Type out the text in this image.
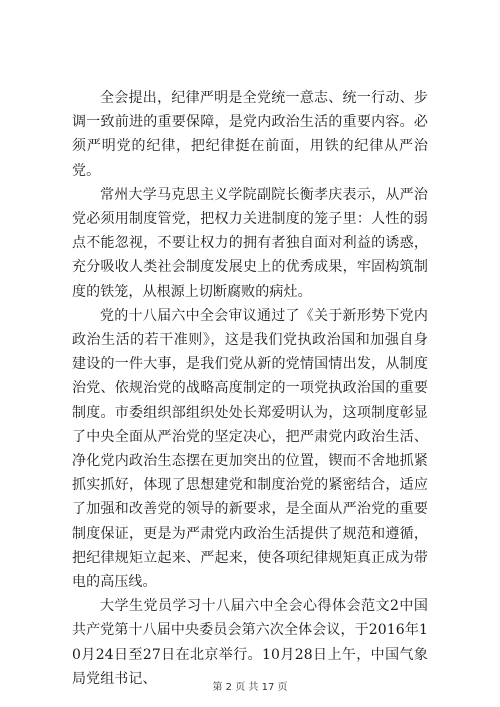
全会提出，纪律严明是全党统一意志、统一行动、步调一致前进的重要保障，是党内政治生活的重要内容。必须严明党的纪律，把纪律挺在前面，用铁的纪律从严治党。

常州大学马克思主义学院副院长衡孝庆表示，从严治党必须用制度管党，把权力关进制度的笼子里：人性的弱点不能忽视，不要让权力的拥有者独自面对利益的诱惑，充分吸收人类社会制度发展史上的优秀成果，牢固构筑制度的铁笼，从根源上切断腐败的病灶。

党的十八届六中全会审议通过了《关于新形势下党内政治生活的若干准则》，这是我们党执政治国和加强自身建设的一件大事，是我们党从新的党情国情出发，从制度治党、依规治党的战略高度制定的一项党执政治国的重要制度。市委组织部组织处处长郑爱明认为，这项制度彰显了中央全面从严治党的坚定决心，把严肃党内政治生活、净化党内政治生态摆在更加突出的位置，锲而不舍地抓紧抓实抓好，体现了思想建党和制度治党的紧密结合，适应了加强和改善党的领导的新要求，是全面从严治党的重要制度保证，更是为严肃党内政治生活提供了规范和遵循，把纪律规矩立起来、严起来，使各项纪律规矩真正成为带电的高压线。

大学生党员学习十八届六中全会心得体会范文2中国共产党第十八届中央委员会第六次全体会议，于2016年10月24日至27日在北京举行。10月28日上午，中国气象局党组书记、

第 2 页 共 17 页
